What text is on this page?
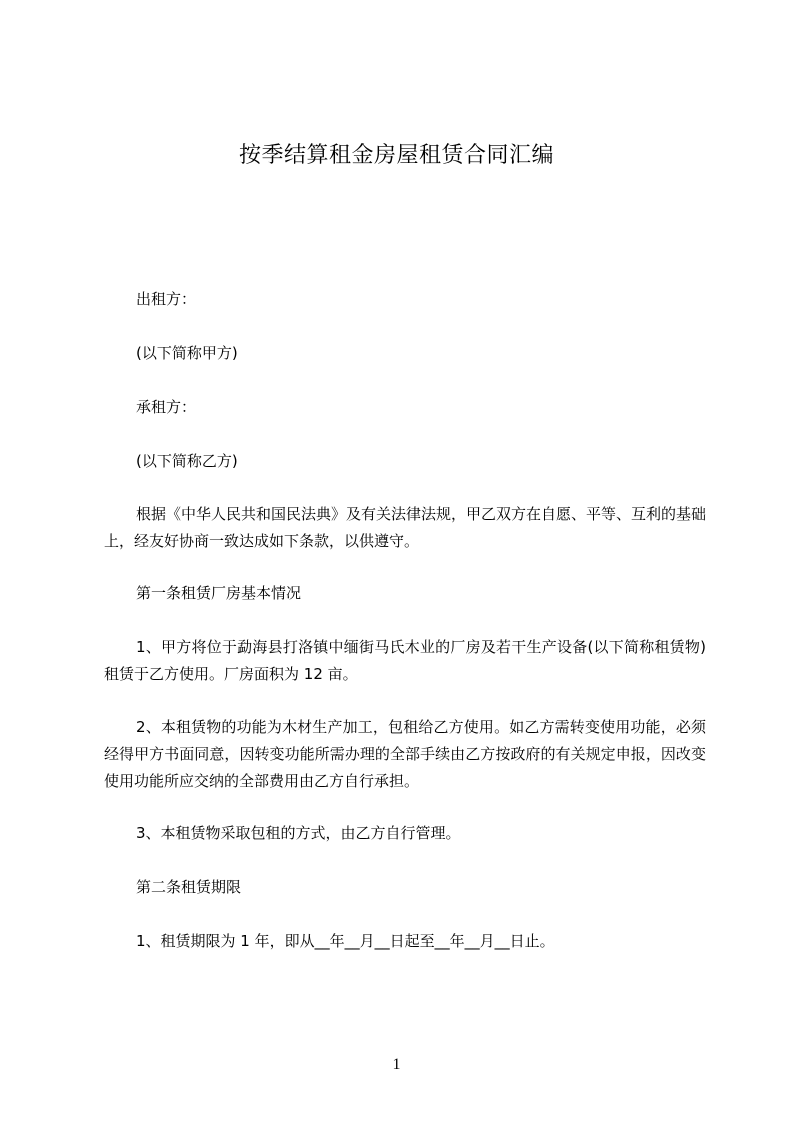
按季结算租金房屋租赁合同汇编
出租方：
(以下简称甲方)
承租方：
(以下简称乙方)
根据《中华人民共和国民法典》及有关法律法规，甲乙双方在自愿、平等、互利的基础上，经友好协商一致达成如下条款，以供遵守。
第一条租赁厂房基本情况
1、甲方将位于勐海县打洛镇中缅街马氏木业的厂房及若干生产设备(以下简称租赁物)租赁于乙方使用。厂房面积为 12 亩。
2、本租赁物的功能为木材生产加工，包租给乙方使用。如乙方需转变使用功能，必须经得甲方书面同意，因转变功能所需办理的全部手续由乙方按政府的有关规定申报，因改变使用功能所应交纳的全部费用由乙方自行承担。
3、本租赁物采取包租的方式，由乙方自行管理。
第二条租赁期限
1、租赁期限为 1 年，即从__年__月__日起至__年__月__日止。
1
